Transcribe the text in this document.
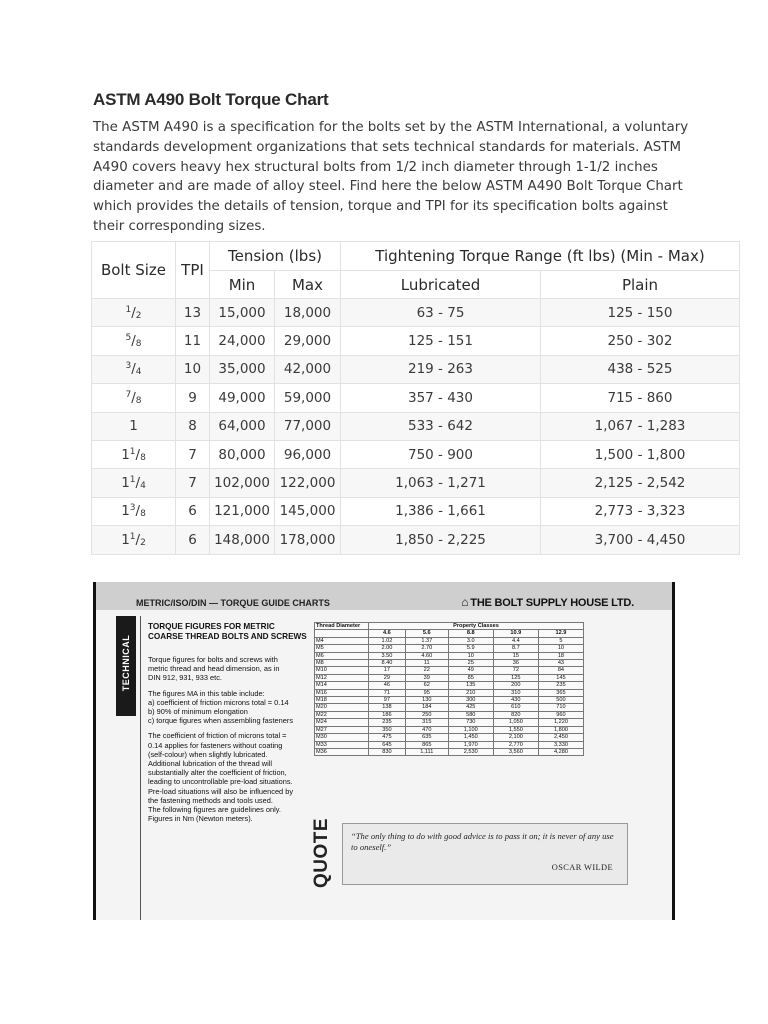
ASTM A490 Bolt Torque Chart
The ASTM A490 is a specification for the bolts set by the ASTM International, a voluntary standards development organizations that sets technical standards for materials. ASTM A490 covers heavy hex structural bolts from 1/2 inch diameter through 1-1/2 inches diameter and are made of alloy steel. Find here the below ASTM A490 Bolt Torque Chart which provides the details of tension, torque and TPI for its specification bolts against their corresponding sizes.
Bolt Size	TPI	Tension (lbs)		Tightening Torque Range (ft lbs) (Min - Max)	
		Min	Max	Lubricated	Plain
$^1/_2$	13	15,000	18,000	63 - 75	125 - 150
$^5/_8$	11	24,000	29,000	125 - 151	250 - 302
$^3/_4$	10	35,000	42,000	219 - 263	438 - 525
$^7/_8$	9	49,000	59,000	357 - 430	715 - 860
1	8	64,000	77,000	533 - 642	1,067 - 1,283
$1^1/_8$	7	80,000	96,000	750 - 900	1,500 - 1,800
$1^1/_4$	7	102,000	122,000	1,063 - 1,271	2,125 - 2,542
$1^3/_8$	6	121,000	145,000	1,386 - 1,661	2,773 - 3,323
$1^1/_2$	6	148,000	178,000	1,850 - 2,225	3,700 - 4,450
METRIC/ISO/DIN — TORQUE GUIDE CHARTS	⌂ THE BOLT SUPPLY HOUSE LTD.
TECHNICAL
TORQUE FIGURES FOR METRIC COARSE THREAD BOLTS AND SCREWS

Torque figures for bolts and screws with metric thread and head dimension, as in DIN 912, 931, 933 etc.

The figures MA in this table include:
a) coefficient of friction microns total = 0.14
b) 90% of minimum elongation

c) torque figures when assembling fasteners

The coefficient of friction of microns total = 0.14 applies for fasteners without coating (self-colour) when slightly lubricated. Additional lubrication of the thread will substantially alter the coefficient of friction, leading to uncontrollable pre-load situations. Pre-load situations will also be influenced by the fastening methods and tools used.
The following figures are guidelines only.
Figures in Nm (Newton meters).
Thread Diameter	Property Classes				
	4.6	5.6	8.8	10.9	12.9
M4	1.02	1.37	3.0	4.4	5
M5	2.00	2.70	5.9	8.7	10
M6	3.50	4.60	10	15	18
M8	8.40	11	25	36	43
M10	17	22	49	72	84
M12	29	39	85	125	145
M14	46	62	135	200	235
M16	71	95	210	310	365
M18	97	130	300	430	500
M20	138	184	425	610	710
M22	186	250	580	820	960
M24	235	315	730	1,050	1,220
M27	350	470	1,100	1,550	1,800
M30	475	635	1,450	2,100	2,450
M33	645	865	1,970	2,770	3,330
M36	830	1,111	2,530	3,560	4,280
QUOTE “The only thing to do with good advice is to pass it on; it is never of any use to oneself.”
OSCAR WILDE
